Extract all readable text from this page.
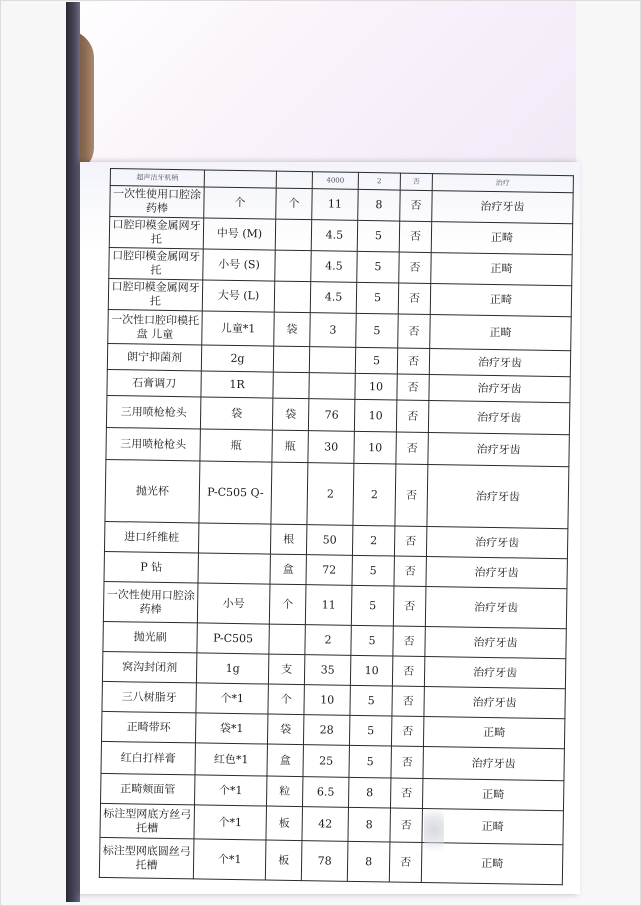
超声洁牙机柄			4000	2	否	治疗
一次性使用口腔涂药棒	个	个	11	8	否	治疗牙齿
口腔印模金属网牙托	中号 (M)		4.5	5	否	正畸
口腔印模金属网牙托	小号 (S)		4.5	5	否	正畸
口腔印模金属网牙托	大号 (L)		4.5	5	否	正畸
一次性口腔印模托盘 儿童	儿童*1	袋	3	5	否	正畸
朗宁抑菌剂	2g			5	否	治疗牙齿
石膏调刀	1R			10	否	治疗牙齿
三用喷枪枪头	袋	袋	76	10	否	治疗牙齿
三用喷枪枪头	瓶	瓶	30	10	否	治疗牙齿
抛光杯	P-C505 Q-		2	2	否	治疗牙齿
进口纤维桩		根	50	2	否	治疗牙齿
P 钻		盒	72	5	否	治疗牙齿
一次性使用口腔涂药棒	小号	个	11	5	否	治疗牙齿
抛光刷	P-C505		2	5	否	治疗牙齿
窝沟封闭剂	1g	支	35	10	否	治疗牙齿
三八树脂牙	个*1	个	10	5	否	治疗牙齿
正畸带环	袋*1	袋	28	5	否	正畸
红白打样膏	红色*1	盒	25	5	否	治疗牙齿
正畸颊面管	个*1	粒	6.5	8	否	正畸
标注型网底方丝弓托槽	个*1	板	42	8	否	正畸
标注型网底圆丝弓托槽	个*1	板	78	8	否	正畸
